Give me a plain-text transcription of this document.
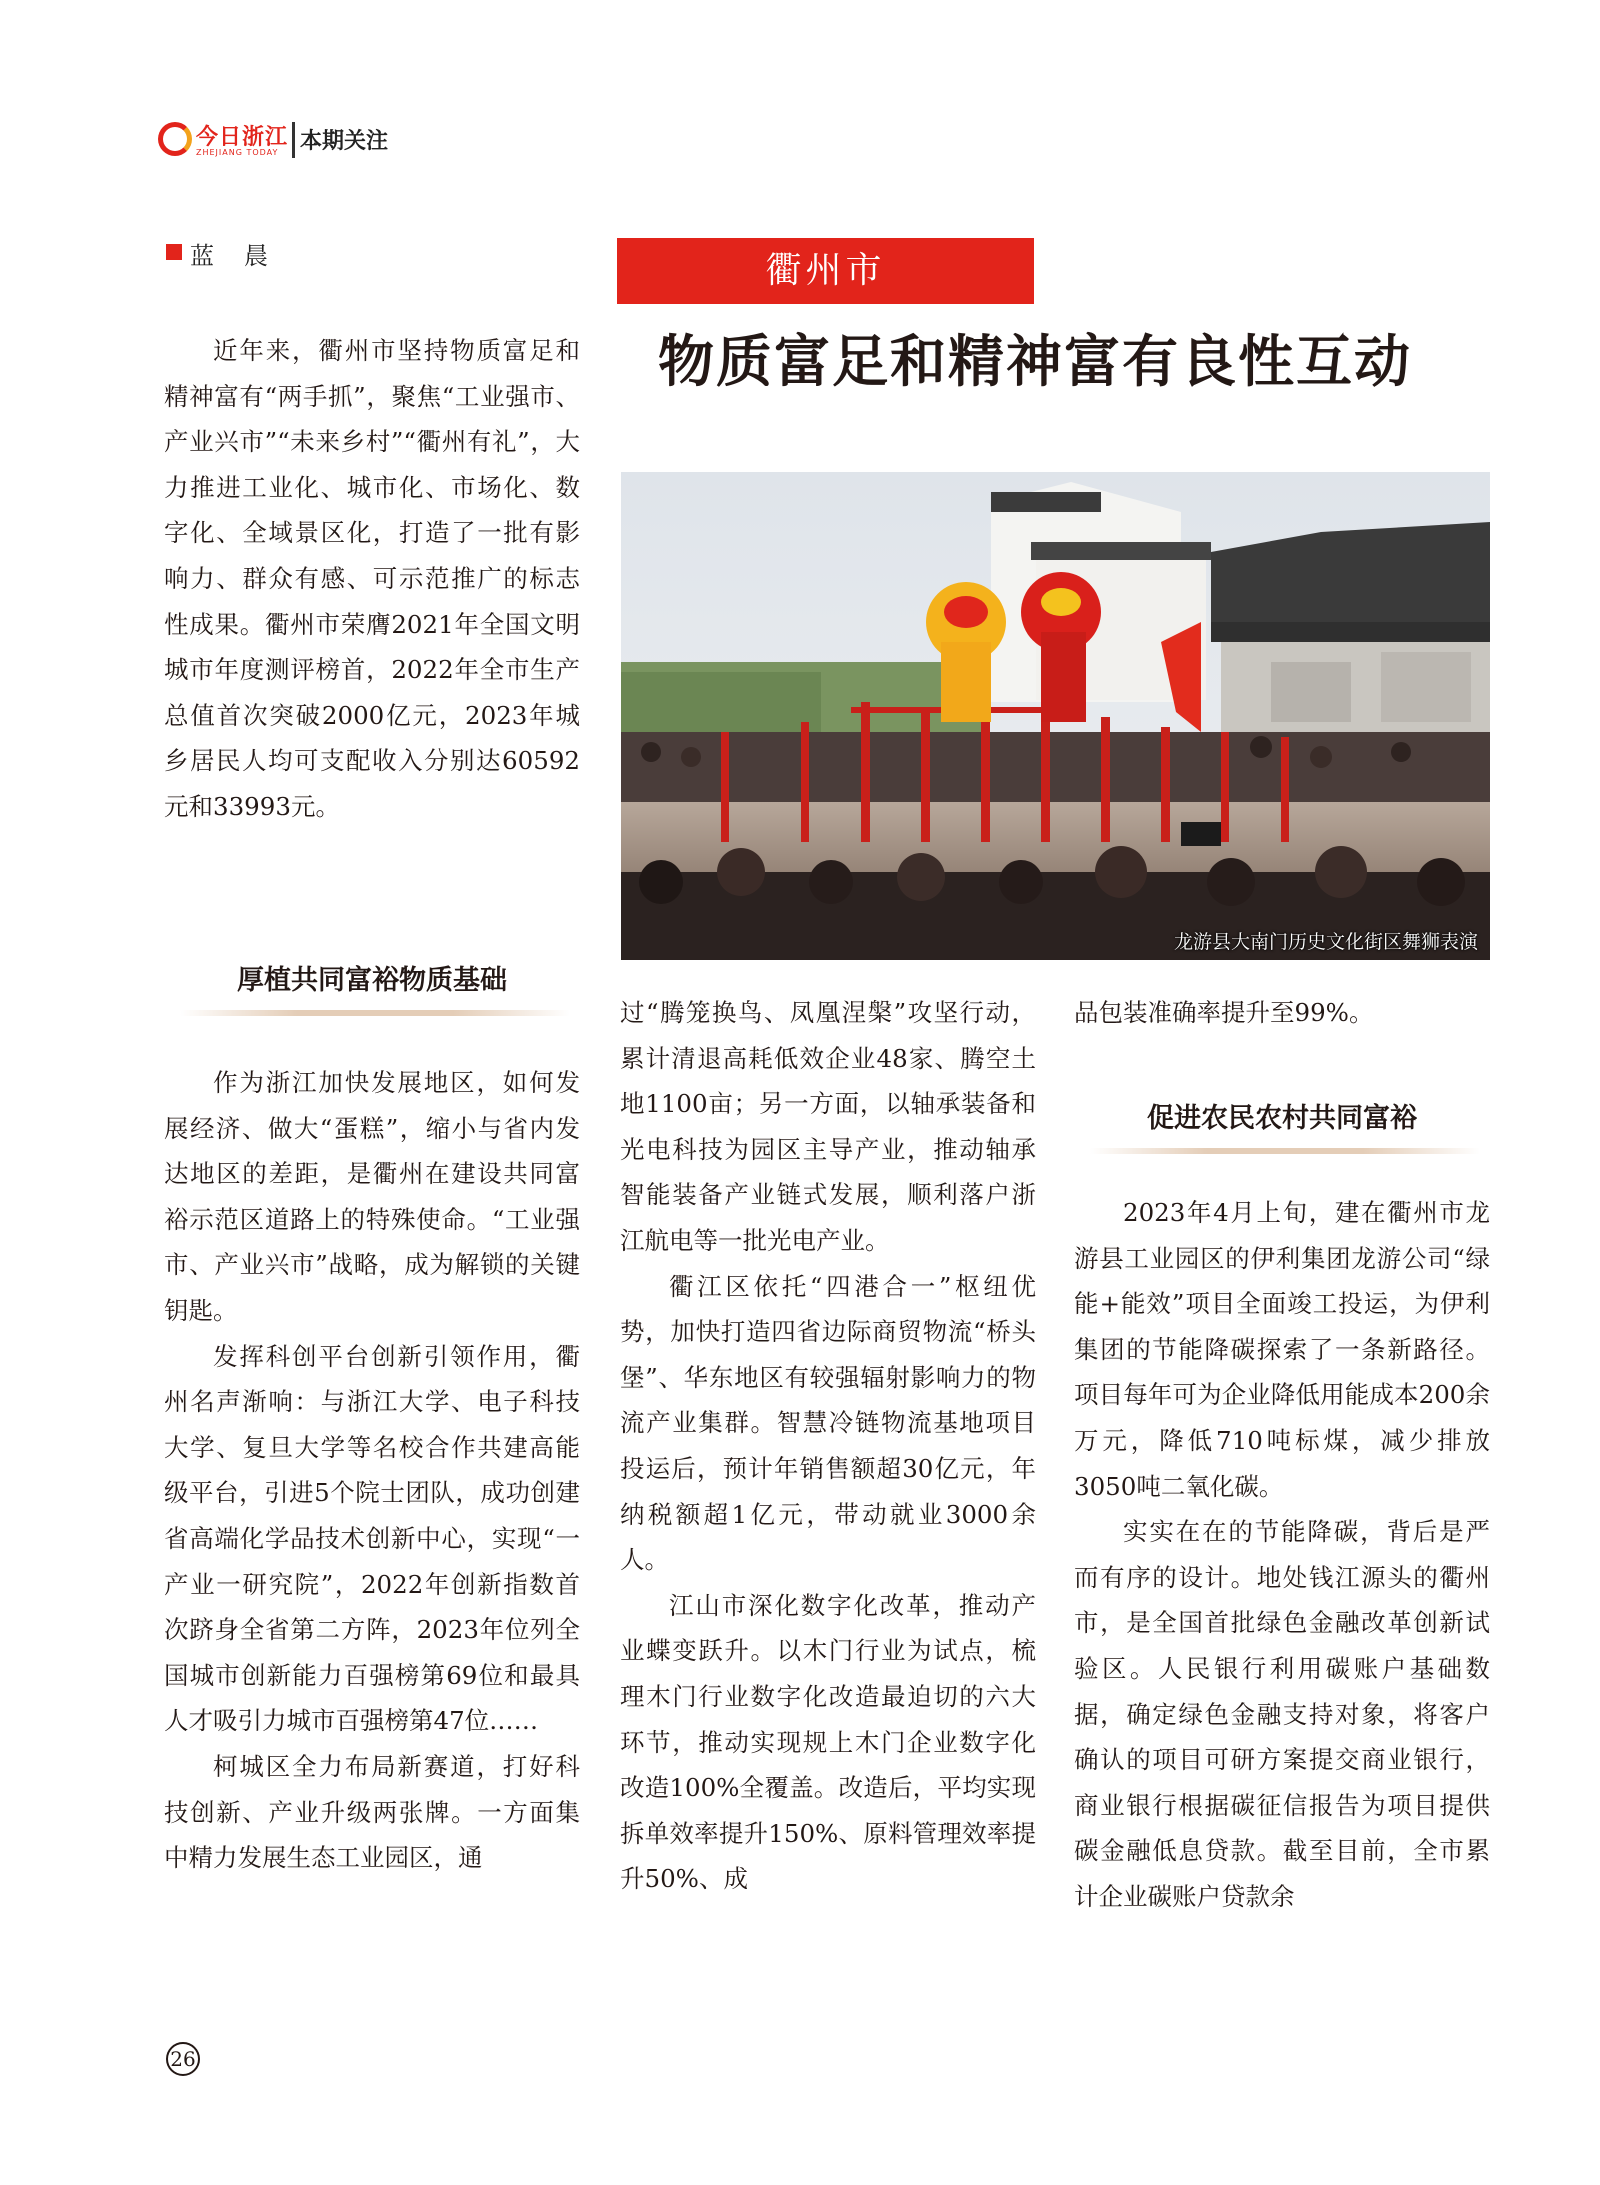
今日浙江
ZHEJIANG TODAY 本期关注
蓝晨	衢州市
物质富足和精神富有良性互动

近年来，衢州市坚持物质富足和精神富有“两手抓”，聚焦“工业强市、产业兴市”“未来乡村”“衢州有礼”，大力推进工业化、城市化、市场化、数字化、全域景区化，打造了一批有影响力、群众有感、可示范推广的标志性成果。衢州市荣膺2021年全国文明城市年度测评榜首，2022年全市生产总值首次突破2000亿元，2023年城乡居民人均可支配收入分别达60592元和33993元。

厚植共同富裕物质基础

作为浙江加快发展地区，如何发展经济、做大“蛋糕”，缩小与省内发达地区的差距，是衢州在建设共同富裕示范区道路上的特殊使命。“工业强市、产业兴市”战略，成为解锁的关键钥匙。

发挥科创平台创新引领作用，衢州名声渐响：与浙江大学、电子科技大学、复旦大学等名校合作共建高能级平台，引进5个院士团队，成功创建省高端化学品技术创新中心，实现“一产业一研究院”，2022年创新指数首次跻身全省第二方阵，2023年位列全国城市创新能力百强榜第69位和最具人才吸引力城市百强榜第47位……

柯城区全力布局新赛道，打好科技创新、产业升级两张牌。一方面集中精力发展生态工业园区，通

龙游县大南门历史文化街区舞狮表演

过“腾笼换鸟、凤凰涅槃”攻坚行动，累计清退高耗低效企业48家、腾空土地1100亩；另一方面，以轴承装备和光电科技为园区主导产业，推动轴承智能装备产业链式发展，顺利落户浙江航电等一批光电产业。

衢江区依托“四港合一”枢纽优势，加快打造四省边际商贸物流“桥头堡”、华东地区有较强辐射影响力的物流产业集群。智慧冷链物流基地项目投运后，预计年销售额超30亿元，年纳税额超1亿元，带动就业3000余人。

江山市深化数字化改革，推动产业蝶变跃升。以木门行业为试点，梳理木门行业数字化改造最迫切的六大环节，推动实现规上木门企业数字化改造100%全覆盖。改造后，平均实现拆单效率提升150%、原料管理效率提升50%、成

品包装准确率提升至99%。

促进农民农村共同富裕

2023年4月上旬，建在衢州市龙游县工业园区的伊利集团龙游公司“绿能+能效”项目全面竣工投运，为伊利集团的节能降碳探索了一条新路径。项目每年可为企业降低用能成本200余万元，降低710吨标煤，减少排放3050吨二氧化碳。

实实在在的节能降碳，背后是严而有序的设计。地处钱江源头的衢州市，是全国首批绿色金融改革创新试验区。人民银行利用碳账户基础数据，确定绿色金融支持对象，将客户确认的项目可研方案提交商业银行，商业银行根据碳征信报告为项目提供碳金融低息贷款。截至目前，全市累计企业碳账户贷款余

26
